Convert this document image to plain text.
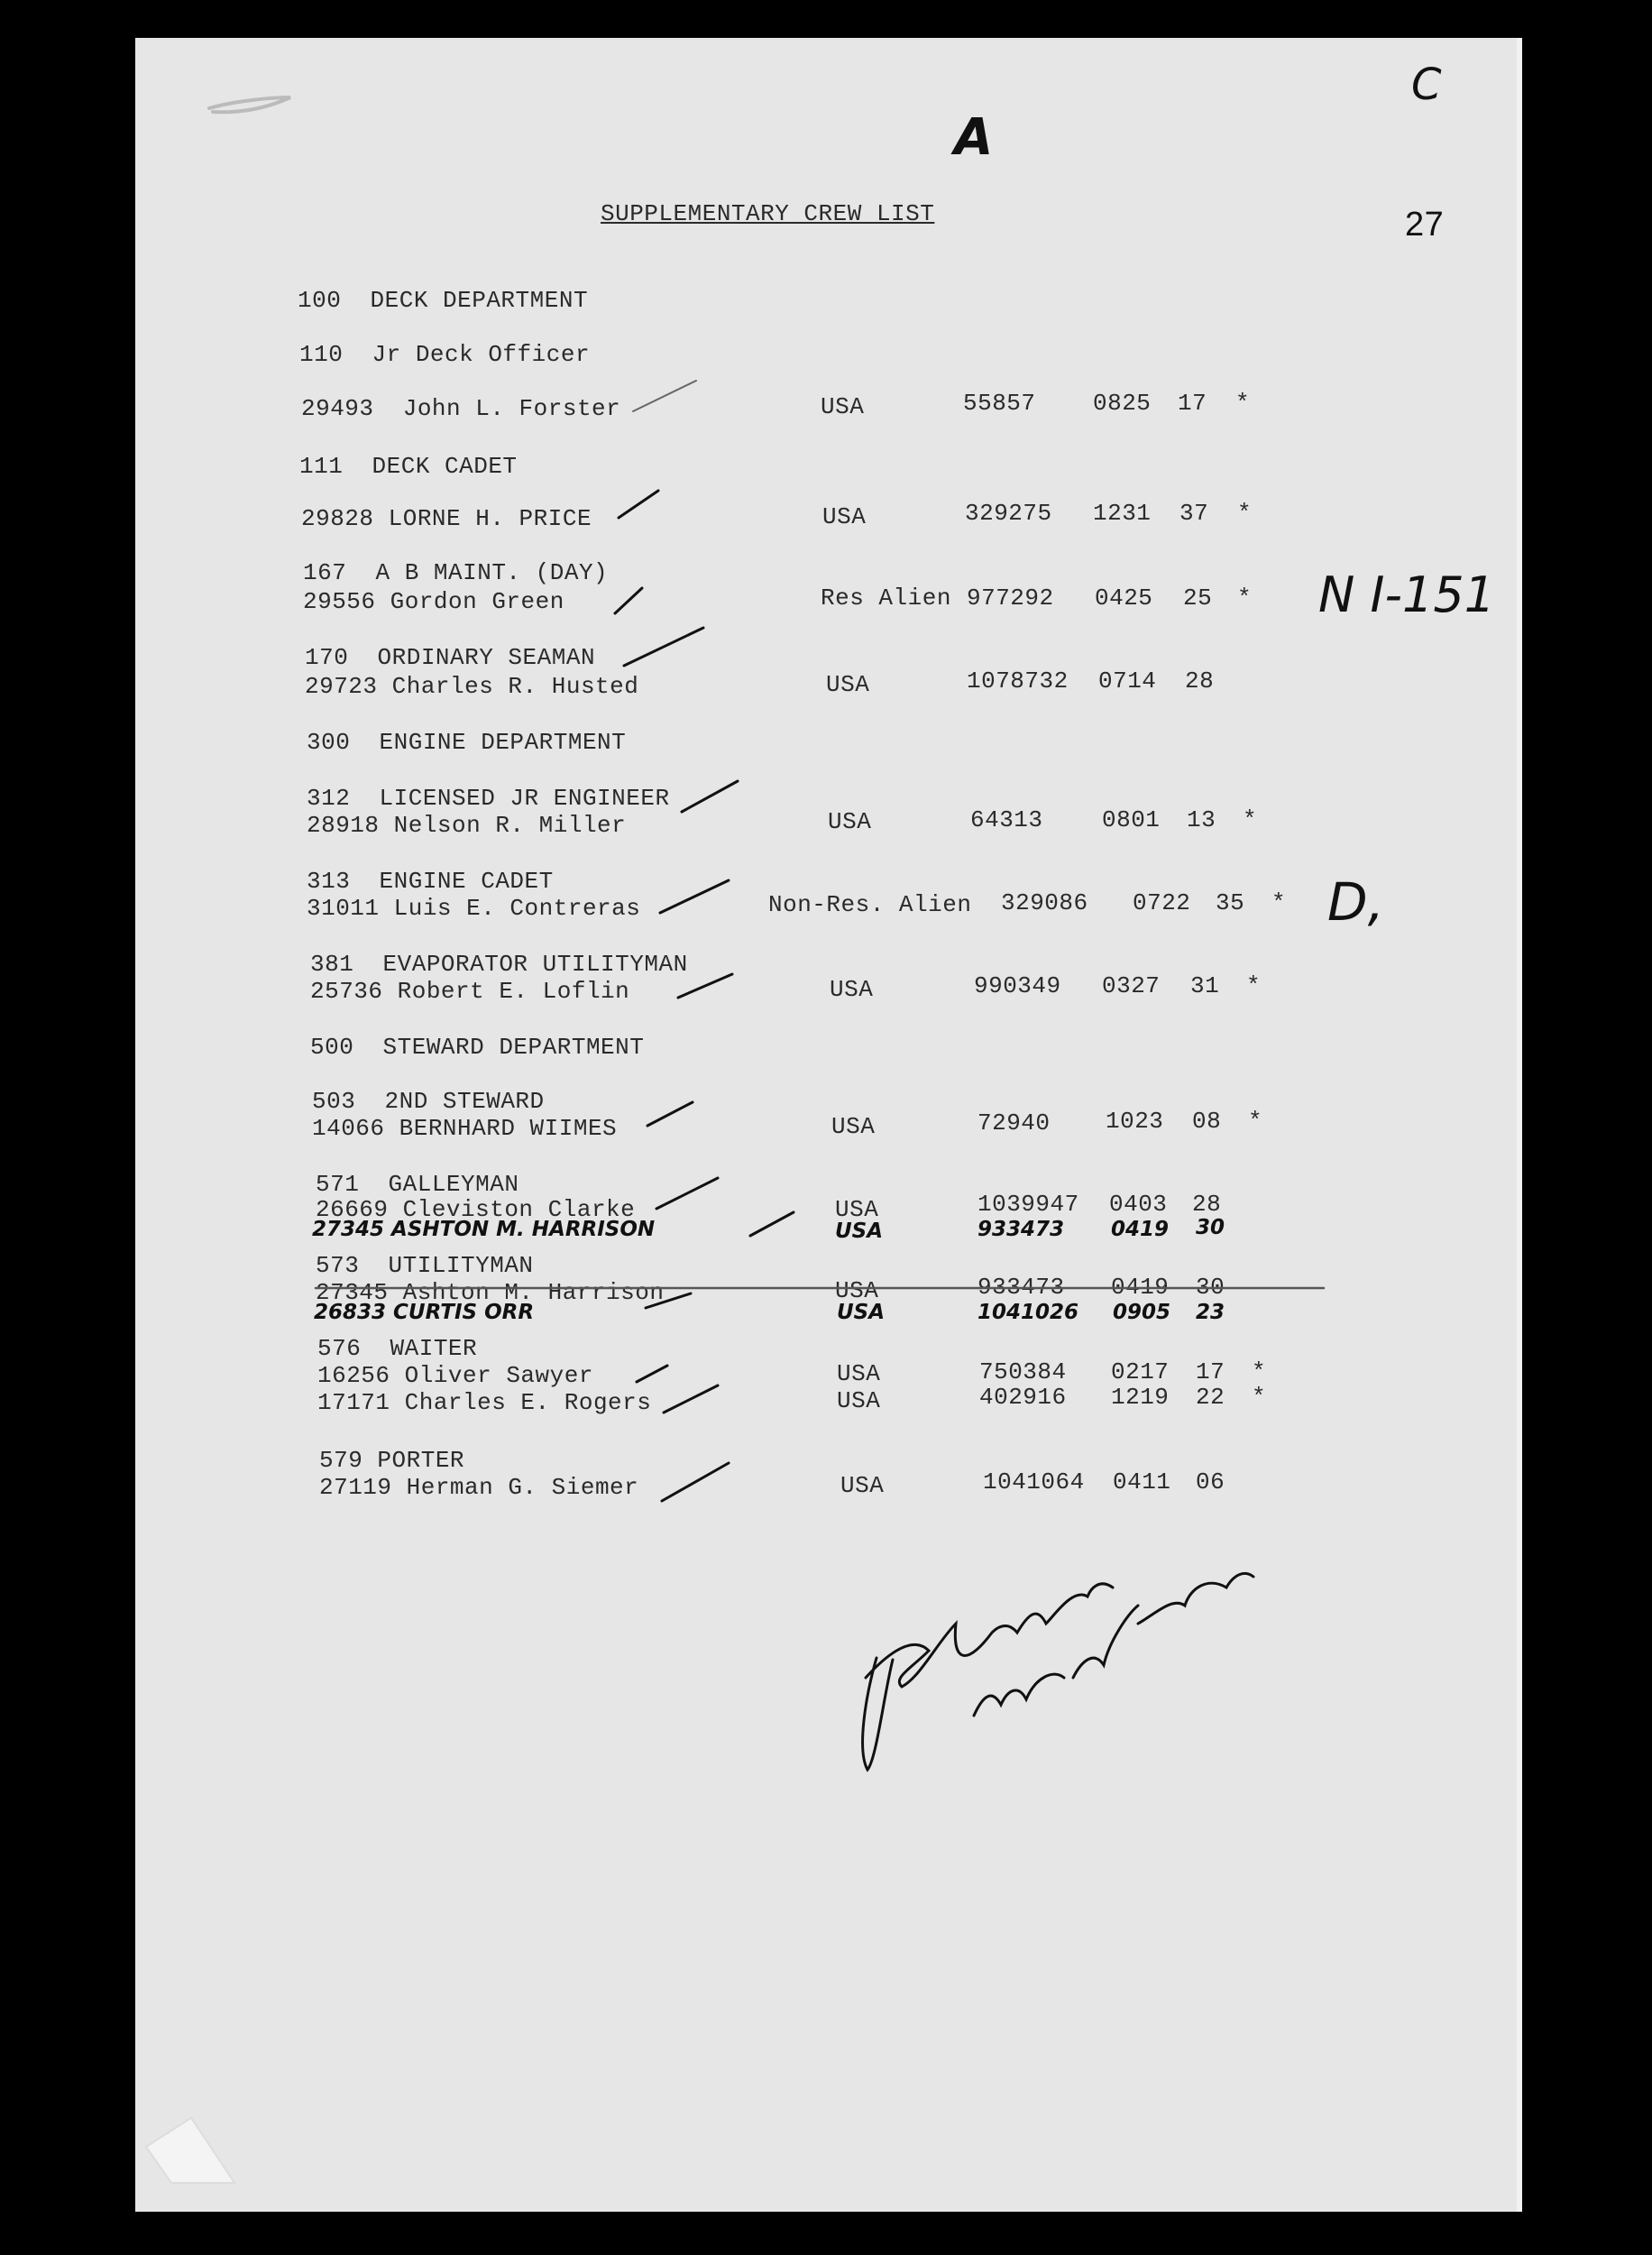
A
C
SUPPLEMENTARY CREW LIST	27
100  DECK DEPARTMENT
110  Jr Deck Officer
29493  John L. Forster	USA	55857 0825 17 *
111  DECK CADET
29828 LORNE H. PRICE	USA	329275 1231 37 *
167  A B MAINT. (DAY)
29556 Gordon Green	Res Alien 977292 0425 25 *
170  ORDINARY SEAMAN
29723 Charles R. Husted	USA	1078732 0714 28
300  ENGINE DEPARTMENT
312  LICENSED JR ENGINEER
28918 Nelson R. Miller	USA	64313	0801 13 *
313  ENGINE CADET
31011 Luis E. Contreras	Non-Res. Alien 329086 0722 35 *
381  EVAPORATOR UTILITYMAN
25736 Robert E. Loflin	USA	990349 0327 31 *
500  STEWARD DEPARTMENT
503  2ND STEWARD
14066 BERNHARD WIIMES	USA	72940 1023 08 *
571  GALLEYMAN
26669 Cleviston Clarke	USA	1039947 0403 28
27345 ASHTON M. HARRISON	USA	933473 0419 30
573  UTILITYMAN
27345 Ashton M. Harrison	USA	933473 0419 30
26833 CURTIS ORR	USA	1041026 0905 23
576  WAITER
16256 Oliver Sawyer	USA	750384 0217 17 *
17171 Charles E. Rogers	USA	402916 1219 22 *
579 PORTER
27119 Herman G. Siemer	USA	1041064 0411 06
N I-151
D,
